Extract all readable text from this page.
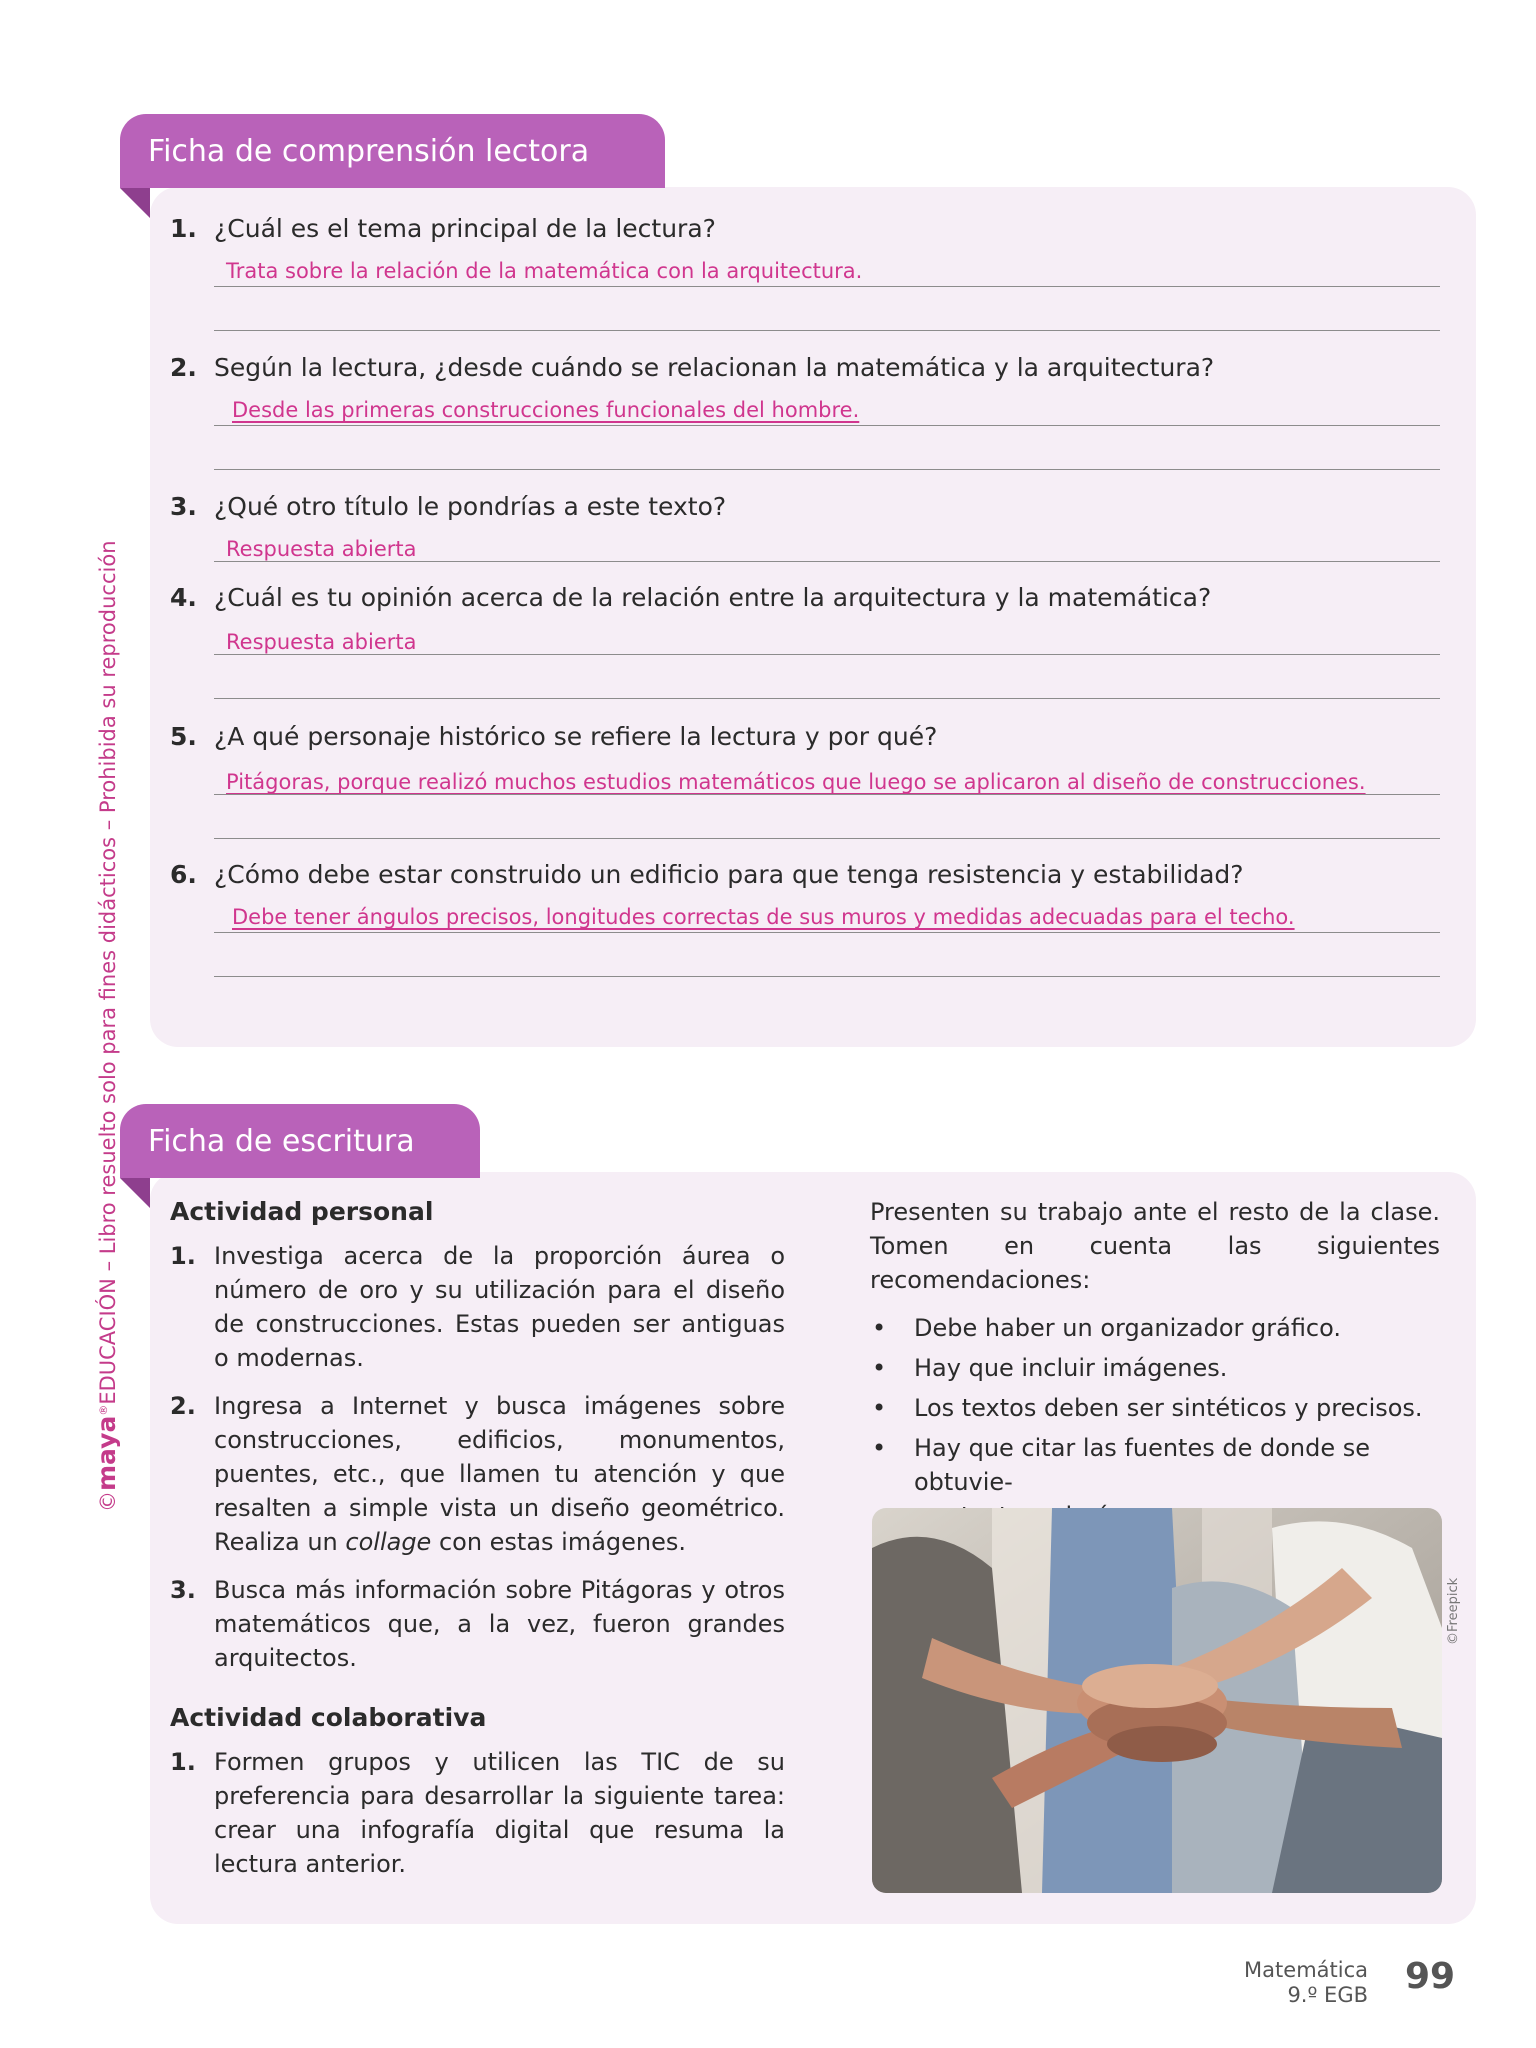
©maya®EDUCACIÓN – Libro resuelto solo para fines didácticos – Prohibida su reproducción
Ficha de comprensión lectora
1. ¿Cuál es el tema principal de la lectura?
Trata sobre la relación de la matemática con la arquitectura.
2. Según la lectura, ¿desde cuándo se relacionan la matemática y la arquitectura?
Desde las primeras construcciones funcionales del hombre.
3. ¿Qué otro título le pondrías a este texto?
Respuesta abierta
4. ¿Cuál es tu opinión acerca de la relación entre la arquitectura y la matemática?
Respuesta abierta
5. ¿A qué personaje histórico se refiere la lectura y por qué?
Pitágoras, porque realizó muchos estudios matemáticos que luego se aplicaron al diseño de construcciones.
6. ¿Cómo debe estar construido un edificio para que tenga resistencia y estabilidad?
Debe tener ángulos precisos, longitudes correctas de sus muros y medidas adecuadas para el techo.
Ficha de escritura
Actividad personal
1. Investiga acerca de la proporción áurea o número de oro y su utilización para el diseño de construcciones. Estas pueden ser antiguas o modernas.
2. Ingresa a Internet y busca imágenes sobre construcciones, edificios, monumentos, puentes, etc., que llamen tu atención y que resalten a simple vista un diseño geométrico. Realiza un collage con estas imágenes.
3. Busca más información sobre Pitágoras y otros matemáticos que, a la vez, fueron grandes arquitectos.
Actividad colaborativa
1. Formen grupos y utilicen las TIC de su preferencia para desarrollar la siguiente tarea: crear una infografía digital que resuma la lectura anterior.

Presenten su trabajo ante el resto de la clase. Tomen en cuenta las siguientes recomendaciones:

• Debe haber un organizador gráfico.
• Hay que incluir imágenes.
• Los textos deben ser sintéticos y precisos.
• Hay que citar las fuentes de donde se obtuvie-

©Freepick
Matemática
9.º EGB 99
